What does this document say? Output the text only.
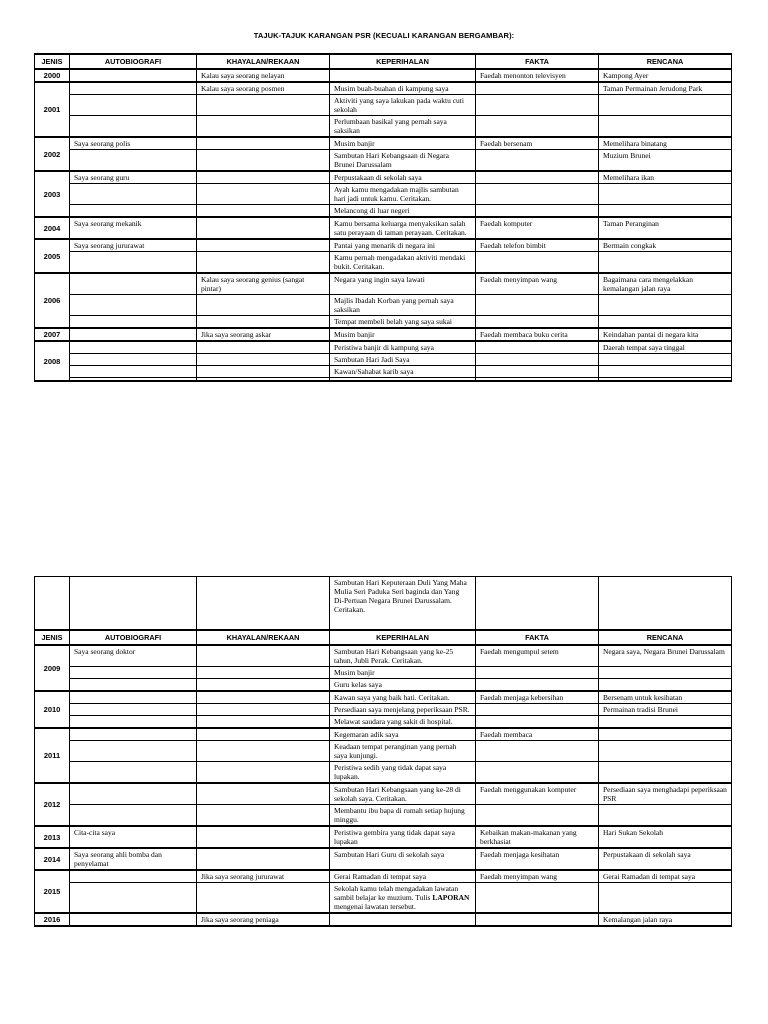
TAJUK-TAJUK KARANGAN PSR (KECUALI KARANGAN BERGAMBAR):
JENIS	AUTOBIOGRAFI	KHAYALAN/REKAAN	KEPERIHALAN	FAKTA	RENCANA
2000		Kalau saya seorang nelayan		Faedah menonton televisyen	Kampong Ayer
2001		Kalau saya seorang posmen	Musim buah-buahan di kampung saya		Taman Permainan Jerudong Park
			Aktiviti yang saya lakukan pada waktu cuti sekolah		
			Perlumbaan basikal yang pernah saya saksikan		
2002	Saya seorang polis		Musim banjir	Faedah bersenam	Memelihara binatang
			Sambutan Hari Kebangsaan di Negara Brunei Darussalam		Muzium Brunei
2003	Saya seorang guru		Perpustakaan di sekolah saya		Memelihara ikan
			Ayah kamu mengadakan majlis sambutan hari jadi untuk kamu. Ceritakan.		
			Melancong di luar negeri		
2004	Saya seorang mekanik		Kamu bersama keluarga menyaksikan salah satu perayaan di taman perayaan. Ceritakan.	Faedah komputer	Taman Peranginan
2005	Saya seorang jururawat		Pantai yang menarik di negara ini	Faedah telefon bimbit	Bermain congkak
			Kamu pernah mengadakan aktiviti mendaki bukit. Ceritakan.		
2006		Kalau saya seorang genius (sangat pintar)	Negara yang ingin saya lawati	Faedah menyimpan wang	Bagaimana cara mengelakkan kemalangan jalan raya
			Majlis Ibadah Korban yang pernah saya saksikan		
			Tempat membeli belah yang saya sukai		
2007		Jika saya seorang askar	Musim banjir	Faedah membaca buku cerita	Keindahan pantai di negara kita
2008			Peristiwa banjir di kampung saya		Daerah tempat saya tinggal
			Sambutan Hari Jadi Saya		
			Kawan/Sahabat karib saya		

			Sambutan Hari Keputeraan Duli Yang Maha Mulia Seri Paduka Seri baginda dan Yang Di-Pertuan Negara Brunei Darussalam. Ceritakan.		
JENIS	AUTOBIOGRAFI	KHAYALAN/REKAAN	KEPERIHALAN	FAKTA	RENCANA
2009	Saya seorang doktor		Sambutan Hari Kebangsaan yang ke-25 tahun, Jubli Perak. Ceritakan.	Faedah mengumpul setem	Negara saya, Negara Brunei Darussalam
			Musim banjir		
			Guru kelas saya		
2010			Kawan saya yang baik hati. Ceritakan.	Faedah menjaga kebersihan	Bersenam untuk kesihatan
			Persediaan saya menjelang peperiksaan PSR.		Permainan tradisi Brunei
			Melawat saudara yang sakit di hospital.		
2011			Kegemaran adik saya	Faedah membaca	
			Keadaan tempat peranginan yang pernah saya kunjungi.		
			Peristiwa sedih yang tidak dapat saya lupakan.		
2012			Sambutan Hari Kebangsaan yang ke-28 di sekolah saya. Ceritakan.	Faedah menggunakan komputer	Persediaan saya menghadapi peperiksaan PSR
			Membantu ibu bapa di rumah setiap hujung minggu.		
2013	Cita-cita saya		Peristiwa gembira yang tidak dapat saya lupakan	Kebaikan makan-makanan yang berkhasiat	Hari Sukan Sekolah
2014	Saya seorang ahli bomba dan penyelamat		Sambutan Hari Guru di sekolah saya	Faedah menjaga kesihatan	Perpustakaan di sekolah saya
2015		Jika saya seorang jururawat	Gerai Ramadan di tempat saya	Faedah menyimpan wang	Gerai Ramadan di tempat saya
			Sekolah kamu telah mengadakan lawatan sambil belajar ke muzium. Tulis LAPORAN mengenai lawatan tersebut.		
2016		Jika saya seorang peniaga			Kemalangan jalan raya
